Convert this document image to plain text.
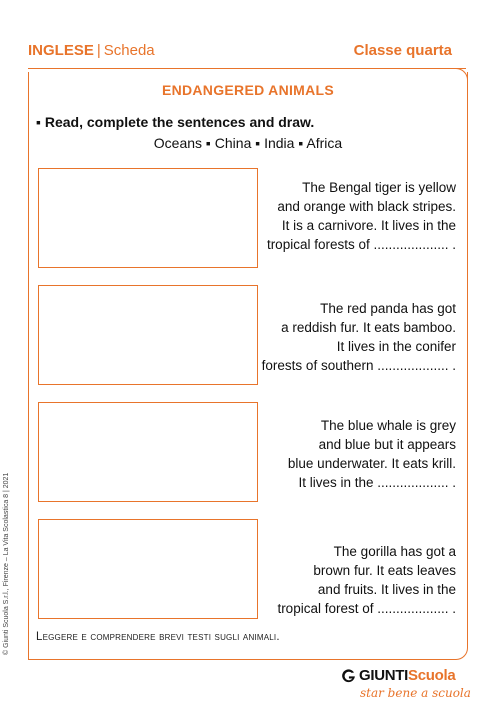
INGLESE | Scheda	Classe quarta
ENDANGERED ANIMALS
▪ Read, complete the sentences and draw.
Oceans ▪ China ▪ India ▪ Africa
The Bengal tiger is yellow
and orange with black stripes.
It is a carnivore. It lives in the
tropical forests of .................... .
The red panda has got
a reddish fur. It eats bamboo.
It lives in the conifer
forests of southern ................... .
The blue whale is grey
and blue but it appears
blue underwater. It eats krill.
It lives in the ................... .
The gorilla has got a
brown fur. It eats leaves
and fruits. It lives in the
tropical forest of ................... .
Leggere e comprendere brevi testi sugli animali.
© Giunti Scuola S.r.l., Firenze – La Vita Scolastica 8 | 2021
GIUNTIScuola
star bene a scuola
